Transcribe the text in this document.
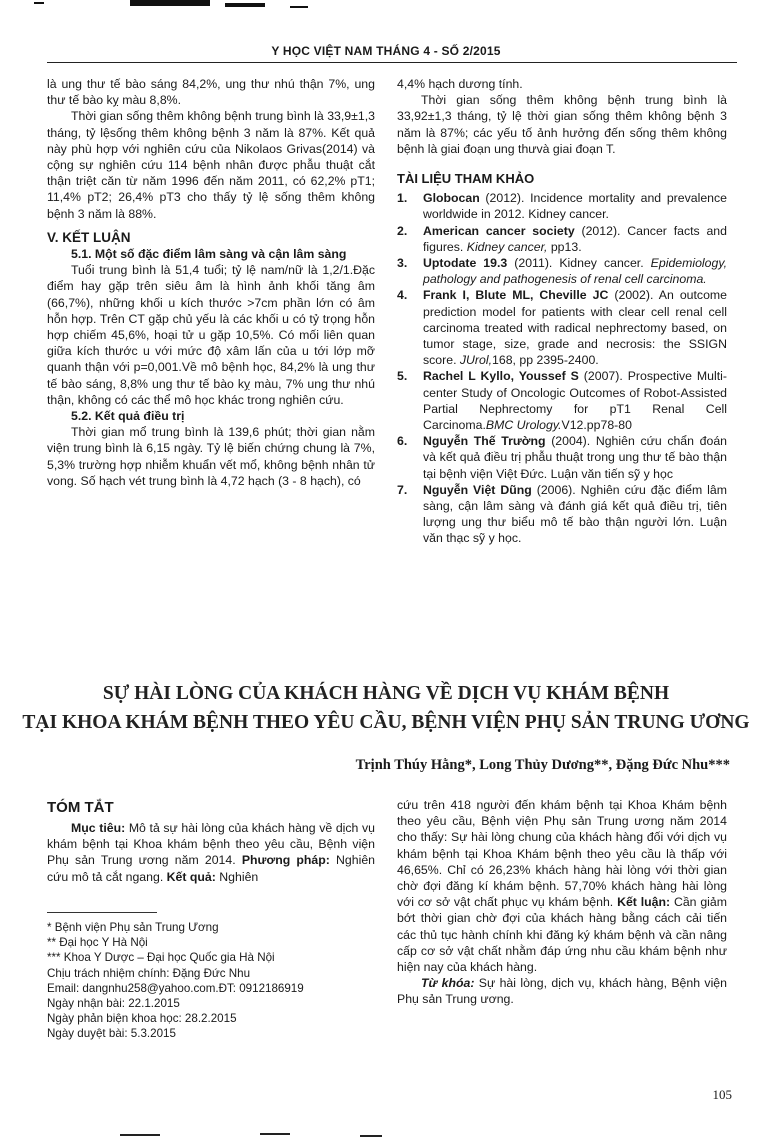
Y HỌC VIỆT NAM THÁNG 4 - SỐ 2/2015

là ung thư tế bào sáng 84,2%, ung thư nhú thận 7%, ung thư tế bào kỵ màu 8,8%.

Thời gian sống thêm không bệnh trung bình là 33,9±1,3 tháng, tỷ lệsống thêm không bệnh 3 năm là 87%. Kết quả này phù hợp với nghiên cứu của Nikolaos Grivas(2014) và cộng sự nghiên cứu 114 bệnh nhân được phẫu thuật cắt thận triệt căn từ năm 1996 đến năm 2011, có 62,2% pT1; 11,4% pT2; 26,4% pT3 cho thấy tỷ lệ sống thêm không bệnh 3 năm là 88%.

V. KẾT LUẬN

5.1. Một số đặc điểm lâm sàng và cận lâm sàng

Tuổi trung bình là 51,4 tuổi; tỷ lệ nam/nữ là 1,2/1.Đặc điểm hay gặp trên siêu âm là hình ảnh khối tăng âm (66,7%), những khối u kích thước >7cm phần lớn có âm hỗn hợp. Trên CT gặp chủ yếu là các khối u có tỷ trọng hỗn hợp chiếm 45,6%, hoại tử u gặp 10,5%. Có mối liên quan giữa kích thước u với mức độ xâm lấn của u tới lớp mỡ quanh thận với p=0,001.Về mô bệnh học, 84,2% là ung thư tế bào sáng, 8,8% ung thư tế bào kỵ màu, 7% ung thư nhú thận, không có các thể mô học khác trong nghiên cứu.

5.2. Kết quả điều trị

Thời gian mổ trung bình là 139,6 phút; thời gian nằm viện trung bình là 6,15 ngày. Tỷ lệ biến chứng chung là 7%, 5,3% trường hợp nhiễm khuẩn vết mổ, không bệnh nhân tử vong. Số hạch vét trung bình là 4,72 hạch (3 - 8 hạch), có

4,4% hạch dương tính.

Thời gian sống thêm không bệnh trung bình là 33,92±1,3 tháng, tỷ lệ thời gian sống thêm không bệnh 3 năm là 87%; các yếu tố ảnh hưởng đến sống thêm không bệnh là giai đoạn ung thưvà giai đoạn T.

TÀI LIỆU THAM KHẢO

1. Globocan (2012). Incidence mortality and prevalence worldwide in 2012. Kidney cancer.

2. American cancer society (2012). Cancer facts and figures. Kidney cancer, pp13.

3. Uptodate 19.3 (2011). Kidney cancer. Epidemiology, pathology and pathogenesis of renal cell carcinoma.

4. Frank I, Blute ML, Cheville JC (2002). An outcome prediction model for patients with clear cell renal cell carcinoma treated with radical nephrectomy based, on tumor stage, size, grade and necrosis: the SSIGN score. JUrol,168, pp 2395-2400.

5. Rachel L Kyllo, Youssef S (2007). Prospective Multi-center Study of Oncologic Outcomes of Robot-Assisted Partial Nephrectomy for pT1 Renal Cell Carcinoma.BMC Urology.V12.pp78-80

6. Nguyễn Thế Trường (2004). Nghiên cứu chẩn đoán và kết quả điều trị phẫu thuật trong ung thư tế bào thận tại bệnh viện Việt Đức. Luận văn tiến sỹ y học

7. Nguyễn Việt Dũng (2006). Nghiên cứu đặc điểm lâm sàng, cận lâm sàng và đánh giá kết quả điều trị, tiên lượng ung thư biểu mô tế bào thận người lớn. Luận văn thạc sỹ y học.

SỰ HÀI LÒNG CỦA KHÁCH HÀNG VỀ DỊCH VỤ KHÁM BỆNH
TẠI KHOA KHÁM BỆNH THEO YÊU CẦU, BỆNH VIỆN PHỤ SẢN TRUNG ƯƠNG
Trịnh Thúy Hằng*, Long Thủy Dương**, Đặng Đức Nhu***
TÓM TẮT

Mục tiêu: Mô tả sự hài lòng của khách hàng về dịch vụ khám bệnh tại Khoa khám bệnh theo yêu cầu, Bệnh viện Phụ sản Trung ương năm 2014. Phương pháp: Nghiên cứu mô tả cắt ngang. Kết quả: Nghiên

cứu trên 418 người đến khám bệnh tại Khoa Khám bệnh theo yêu cầu, Bệnh viện Phụ sản Trung ương năm 2014 cho thấy: Sự hài lòng chung của khách hàng đối với dịch vụ khám bệnh tại Khoa Khám bệnh theo yêu cầu là thấp với 46,65%. Chỉ có 26,23% khách hàng hài lòng với thời gian chờ đợi đăng kí khám bệnh. 57,70% khách hàng hài lòng với cơ sở vật chất phục vụ khám bệnh. Kết luận: Cần giảm bớt thời gian chờ đợi của khách hàng bằng cách cải tiến các thủ tục hành chính khi đăng ký khám bệnh và cần nâng cấp cơ sở vật chất nhằm đáp ứng nhu cầu khám bệnh như hiện nay của khách hàng.

Từ khóa: Sự hài lòng, dịch vụ, khách hàng, Bệnh viện Phụ sản Trung ương.

* Bệnh viện Phụ sản Trung Ương

** Đại học Y Hà Nội

*** Khoa Y Dược – Đại học Quốc gia Hà Nội

Chịu trách nhiệm chính: Đặng Đức Nhu

Email: dangnhu258@yahoo.com.ĐT: 0912186919

Ngày nhận bài: 22.1.2015

Ngày phản biện khoa học: 28.2.2015

Ngày duyệt bài: 5.3.2015

105
